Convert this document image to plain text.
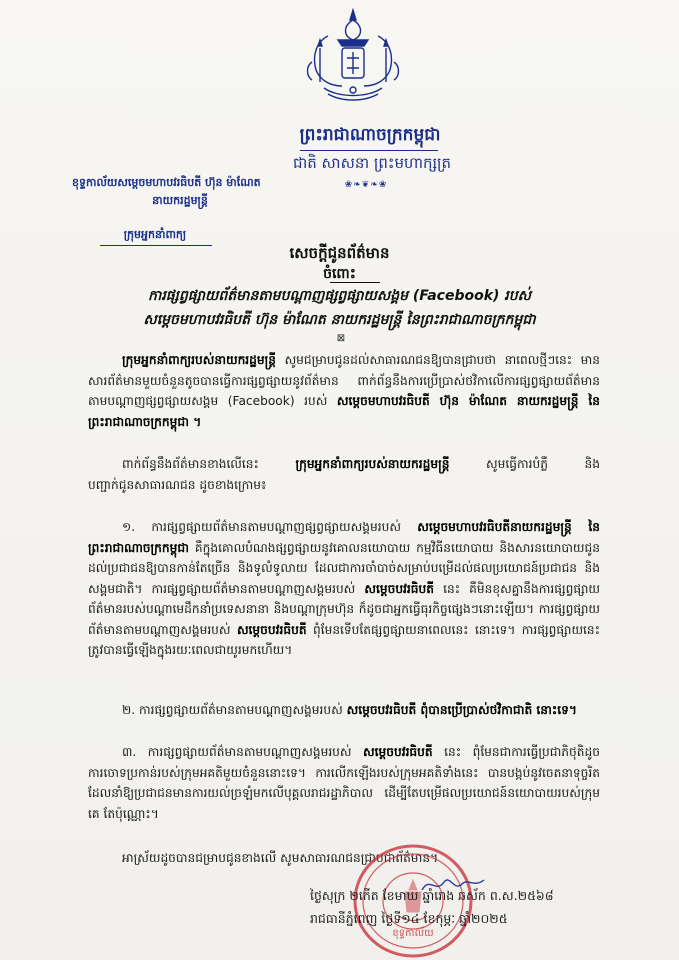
ព្រះរាជាណាចក្រកម្ពុជា
ជាតិ សាសនា ព្រះមហាក្សត្រ
❀❧❦❧❀
ខុទ្ទកាល័យសម្តេចមហាបវរធិបតី ហ៊ុន ម៉ាណែត
នាយករដ្ឋមន្ត្រី
ក្រុមអ្នកនាំពាក្យ
សេចក្តីជូនព័ត៌មាន
ចំពោះ
ការផ្សព្វផ្សាយព័ត៌មានតាមបណ្តាញផ្សព្វផ្សាយសង្គម (Facebook) របស់
សម្តេចមហាបវរធិបតី ហ៊ុន ម៉ាណែត នាយករដ្ឋមន្ត្រី នៃព្រះរាជាណាចក្រកម្ពុជា
⊠
ក្រុមអ្នកនាំពាក្យរបស់នាយករដ្ឋមន្ត្រី សូមជម្រាបជូនដល់សាធារណជនឱ្យបានជ្រាបថា នាពេលថ្មីៗនេះ មានសារព័ត៌មានមួយចំនួនតូចបានធ្វើការផ្សព្វផ្សាយនូវព័ត៌មាន ពាក់ព័ន្ធនឹងការប្រើប្រាស់ថវិកាលើការផ្សព្វផ្សាយព័ត៌មានតាមបណ្តាញផ្សព្វផ្សាយសង្គម (Facebook) របស់ សម្តេចមហាបវរធិបតី ហ៊ុន ម៉ាណែត នាយករដ្ឋមន្ត្រី នៃព្រះរាជាណាចក្រកម្ពុជា ។
ពាក់ព័ន្ធនឹងព័ត៌មានខាងលើនេះ	ក្រុមអ្នកនាំពាក្យរបស់នាយករដ្ឋមន្ត្រី	សូមធ្វើការបំភ្លឺ និងបញ្ជាក់ជូនសាធារណជន ដូចខាងក្រោម៖
១. ការផ្សព្វផ្សាយព័ត៌មានតាមបណ្តាញផ្សព្វផ្សាយសង្គមរបស់ សម្តេចមហាបវរធិបតីនាយករដ្ឋមន្ត្រី នៃព្រះរាជាណាចក្រកម្ពុជា គឺក្នុងគោលបំណងផ្សព្វផ្សាយនូវគោលនយោបាយ កម្មវិធីនយោបាយ និងសារនយោបាយជូនដល់ប្រជាជនឱ្យបានកាន់តែច្រើន និងទូលំទូលាយ ដែលជាការចាំបាច់សម្រាប់បម្រើដល់ផលប្រយោជន៍ប្រជាជន និងសង្គមជាតិ។ ការផ្សព្វផ្សាយព័ត៌មានតាមបណ្តាញសង្គមរបស់ សម្តេចបវរធិបតី នេះ គឺមិនខុសគ្នានឹងការផ្សព្វផ្សាយព័ត៌មានរបស់បណ្តាមេដឹកនាំប្រទេសនានា និងបណ្តាក្រុមហ៊ុន ក៏ដូចជាអ្នកធ្វើធុរកិច្ចផ្សេងៗនោះឡើយ។ ការផ្សព្វផ្សាយព័ត៌មានតាមបណ្តាញសង្គមរបស់ សម្តេចបវរធិបតី ពុំមែនទើបតែផ្សព្វផ្សាយនាពេលនេះ នោះទេ។ ការផ្សព្វផ្សាយនេះ ត្រូវបានធ្វើឡើងក្នុងរយៈពេលជាយូរមកហើយ។
២. ការផ្សព្វផ្សាយព័ត៌មានតាមបណ្តាញសង្គមរបស់ សម្តេចបវរធិបតី ពុំបានប្រើប្រាស់ថវិកាជាតិ នោះទេ។
៣. ការផ្សព្វផ្សាយព័ត៌មានតាមបណ្តាញសង្គមរបស់ សម្តេចបវរធិបតី នេះ ពុំមែនជាការធ្វើប្រជាភិថុតិដូចការចោទប្រកាន់របស់ក្រុមអគតិមួយចំនួននោះទេ។ ការលើកឡើងរបស់ក្រុមអគតិទាំងនេះ បានបង្កប់នូវចេតនាទុច្ចរិតដែលនាំឱ្យប្រជាជនមានការយល់ច្រឡំមកលើបុគ្គលរាជរដ្ឋាភិបាល ដើម្បីតែបម្រើផលប្រយោជន៍នយោបាយរបស់ក្រុមគេ តែប៉ុណ្ណោះ។
អាស្រ័យដូចបានជម្រាបជូនខាងលើ សូមសាធារណជនជ្រាបជាព័ត៌មាន។
ខុទ្ទកាល័យ
ថ្ងៃសុក្រ ២កើត ខែមាឃ ឆ្នាំរោង ឆស័ក ព.ស.២៥៦៨
រាជធានីភ្នំពេញ ថ្ងៃទី១៤ ខែកុម្ភៈ ឆ្នាំ២០២៥
